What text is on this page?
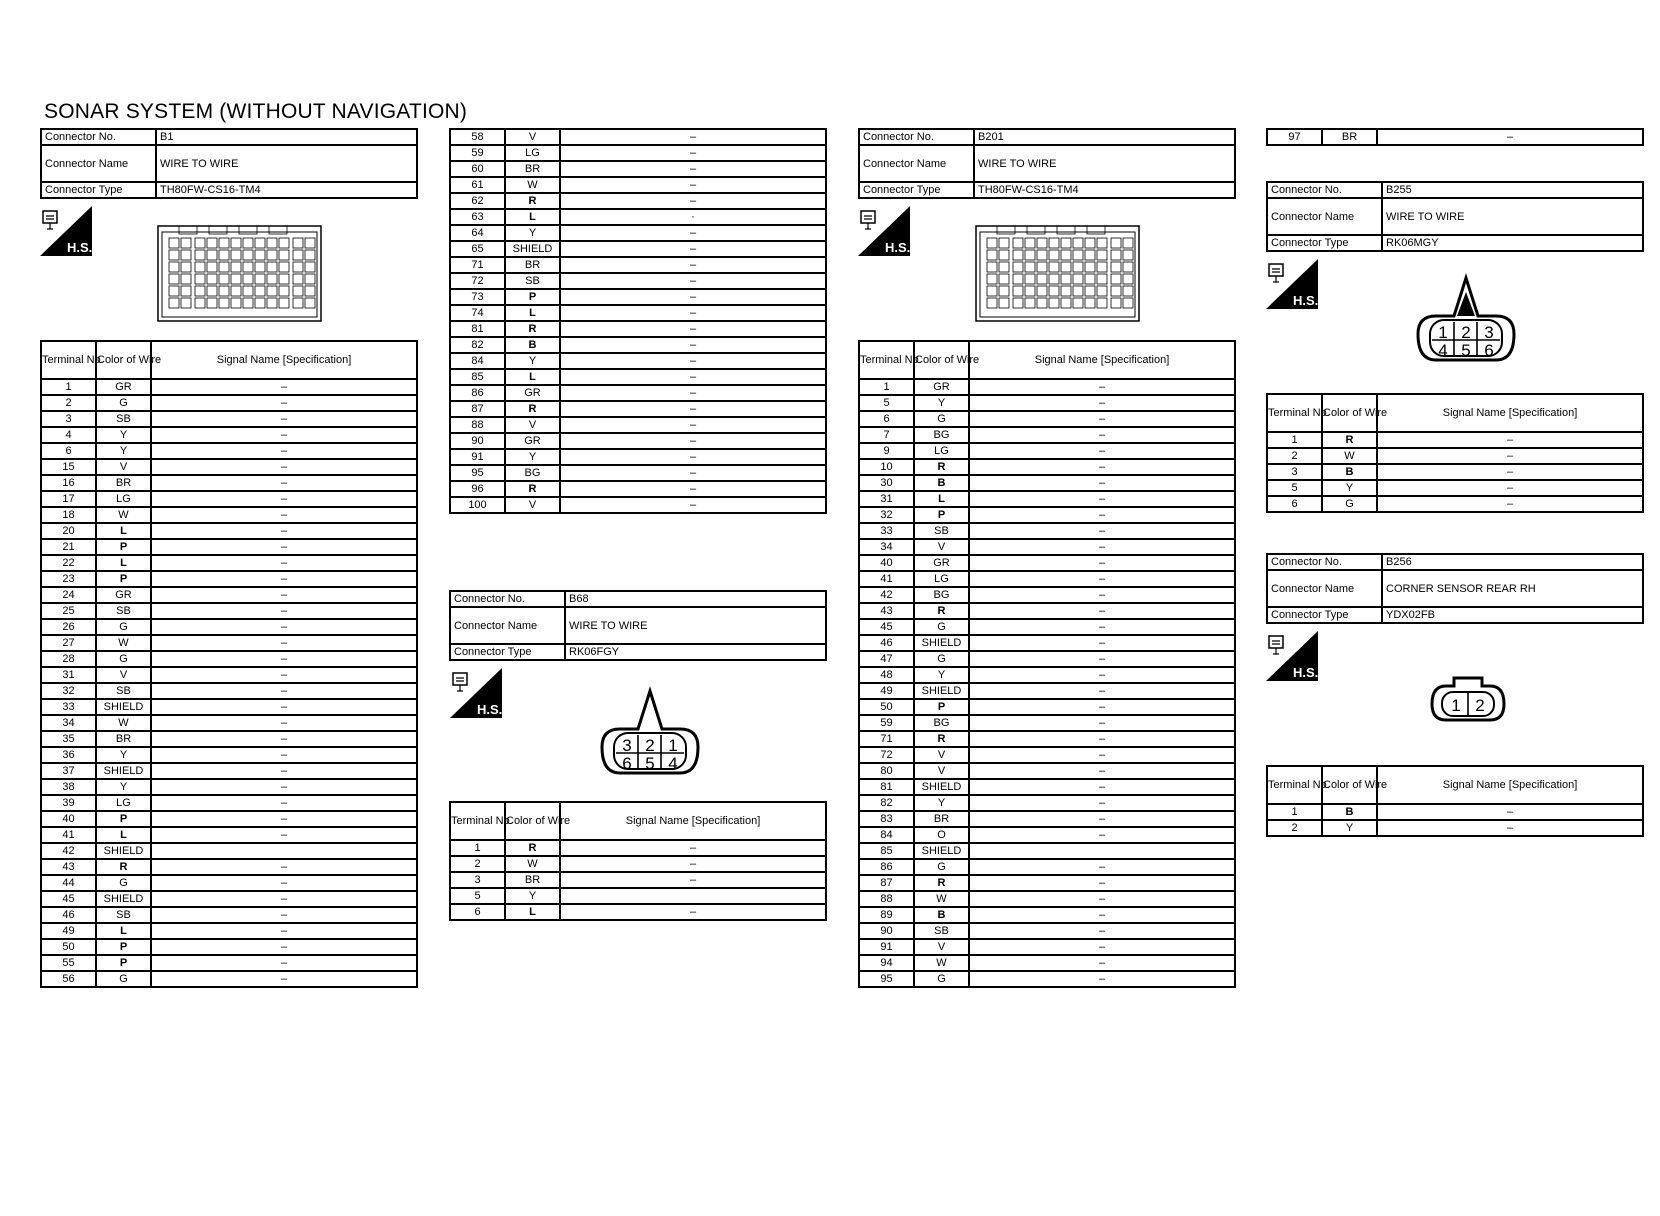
SONAR SYSTEM (WITHOUT NAVIGATION)
Connector No.	B1
Connector Name	WIRE TO WIRE
Connector Type	TH80FW-CS16-TM4
H.S.
Terminal No.	Color of Wire	Signal Name [Specification]
1	GR	–
2	G	–
3	SB	–
4	Y	–
6	Y	–
15	V	–
16	BR	–
17	LG	–
18	W	–
20	L	–
21	P	–
22	L	–
23	P	–
24	GR	–
25	SB	–
26	G	–
27	W	–
28	G	–
31	V	–
32	SB	–
33	SHIELD	–
34	W	–
35	BR	–
36	Y	–
37	SHIELD	–
38	Y	–
39	LG	–
40	P	–
41	L	–
42	SHIELD	
43	R	–
44	G	–
45	SHIELD	–
46	SB	–
49	L	–
50	P	–
55	P	–
56	G	–
58	V	–
59	LG	–
60	BR	–
61	W	–
62	R	–
63	L	·
64	Y	–
65	SHIELD	–
71	BR	–
72	SB	–
73	P	–
74	L	–
81	R	–
82	B	–
84	Y	–
85	L	–
86	GR	–
87	R	–
88	V	–
90	GR	–
91	Y	–
95	BG	–
96	R	–
100	V	–
Connector No.	B68
Connector Name	WIRE TO WIRE
Connector Type	RK06FGY
H.S.
3 2 1
6 5 4
Terminal No.	Color of Wire	Signal Name [Specification]
1	R	–
2	W	–
3	BR	–
5	Y	
6	L	–
Connector No.	B201
Connector Name	WIRE TO WIRE
Connector Type	TH80FW-CS16-TM4
H.S.
Terminal No.	Color of Wire	Signal Name [Specification]
1	GR	–
5	Y	–
6	G	–
7	BG	–
9	LG	–
10	R	–
30	B	–
31	L	–
32	P	–
33	SB	–
34	V	–
40	GR	–
41	LG	–
42	BG	–
43	R	–
45	G	–
46	SHIELD	–
47	G	–
48	Y	–
49	SHIELD	–
50	P	–
59	BG	–
71	R	–
72	V	–
80	V	–
81	SHIELD	–
82	Y	–
83	BR	–
84	O	–
85	SHIELD	
86	G	–
87	R	–
88	W	–
89	B	–
90	SB	–
91	V	–
94	W	–
95	G	–
97	BR	–
Connector No.	B255
Connector Name	WIRE TO WIRE
Connector Type	RK06MGY
H.S.
1 2 3
4 5 6
Terminal No.	Color of Wire	Signal Name [Specification]
1	R	–
2	W	–
3	B	–
5	Y	–
6	G	–
Connector No.	B256
Connector Name	CORNER SENSOR REAR RH
Connector Type	YDX02FB
H.S.
1 2
Terminal No.	Color of Wire	Signal Name [Specification]
1	B	–
2	Y	–
